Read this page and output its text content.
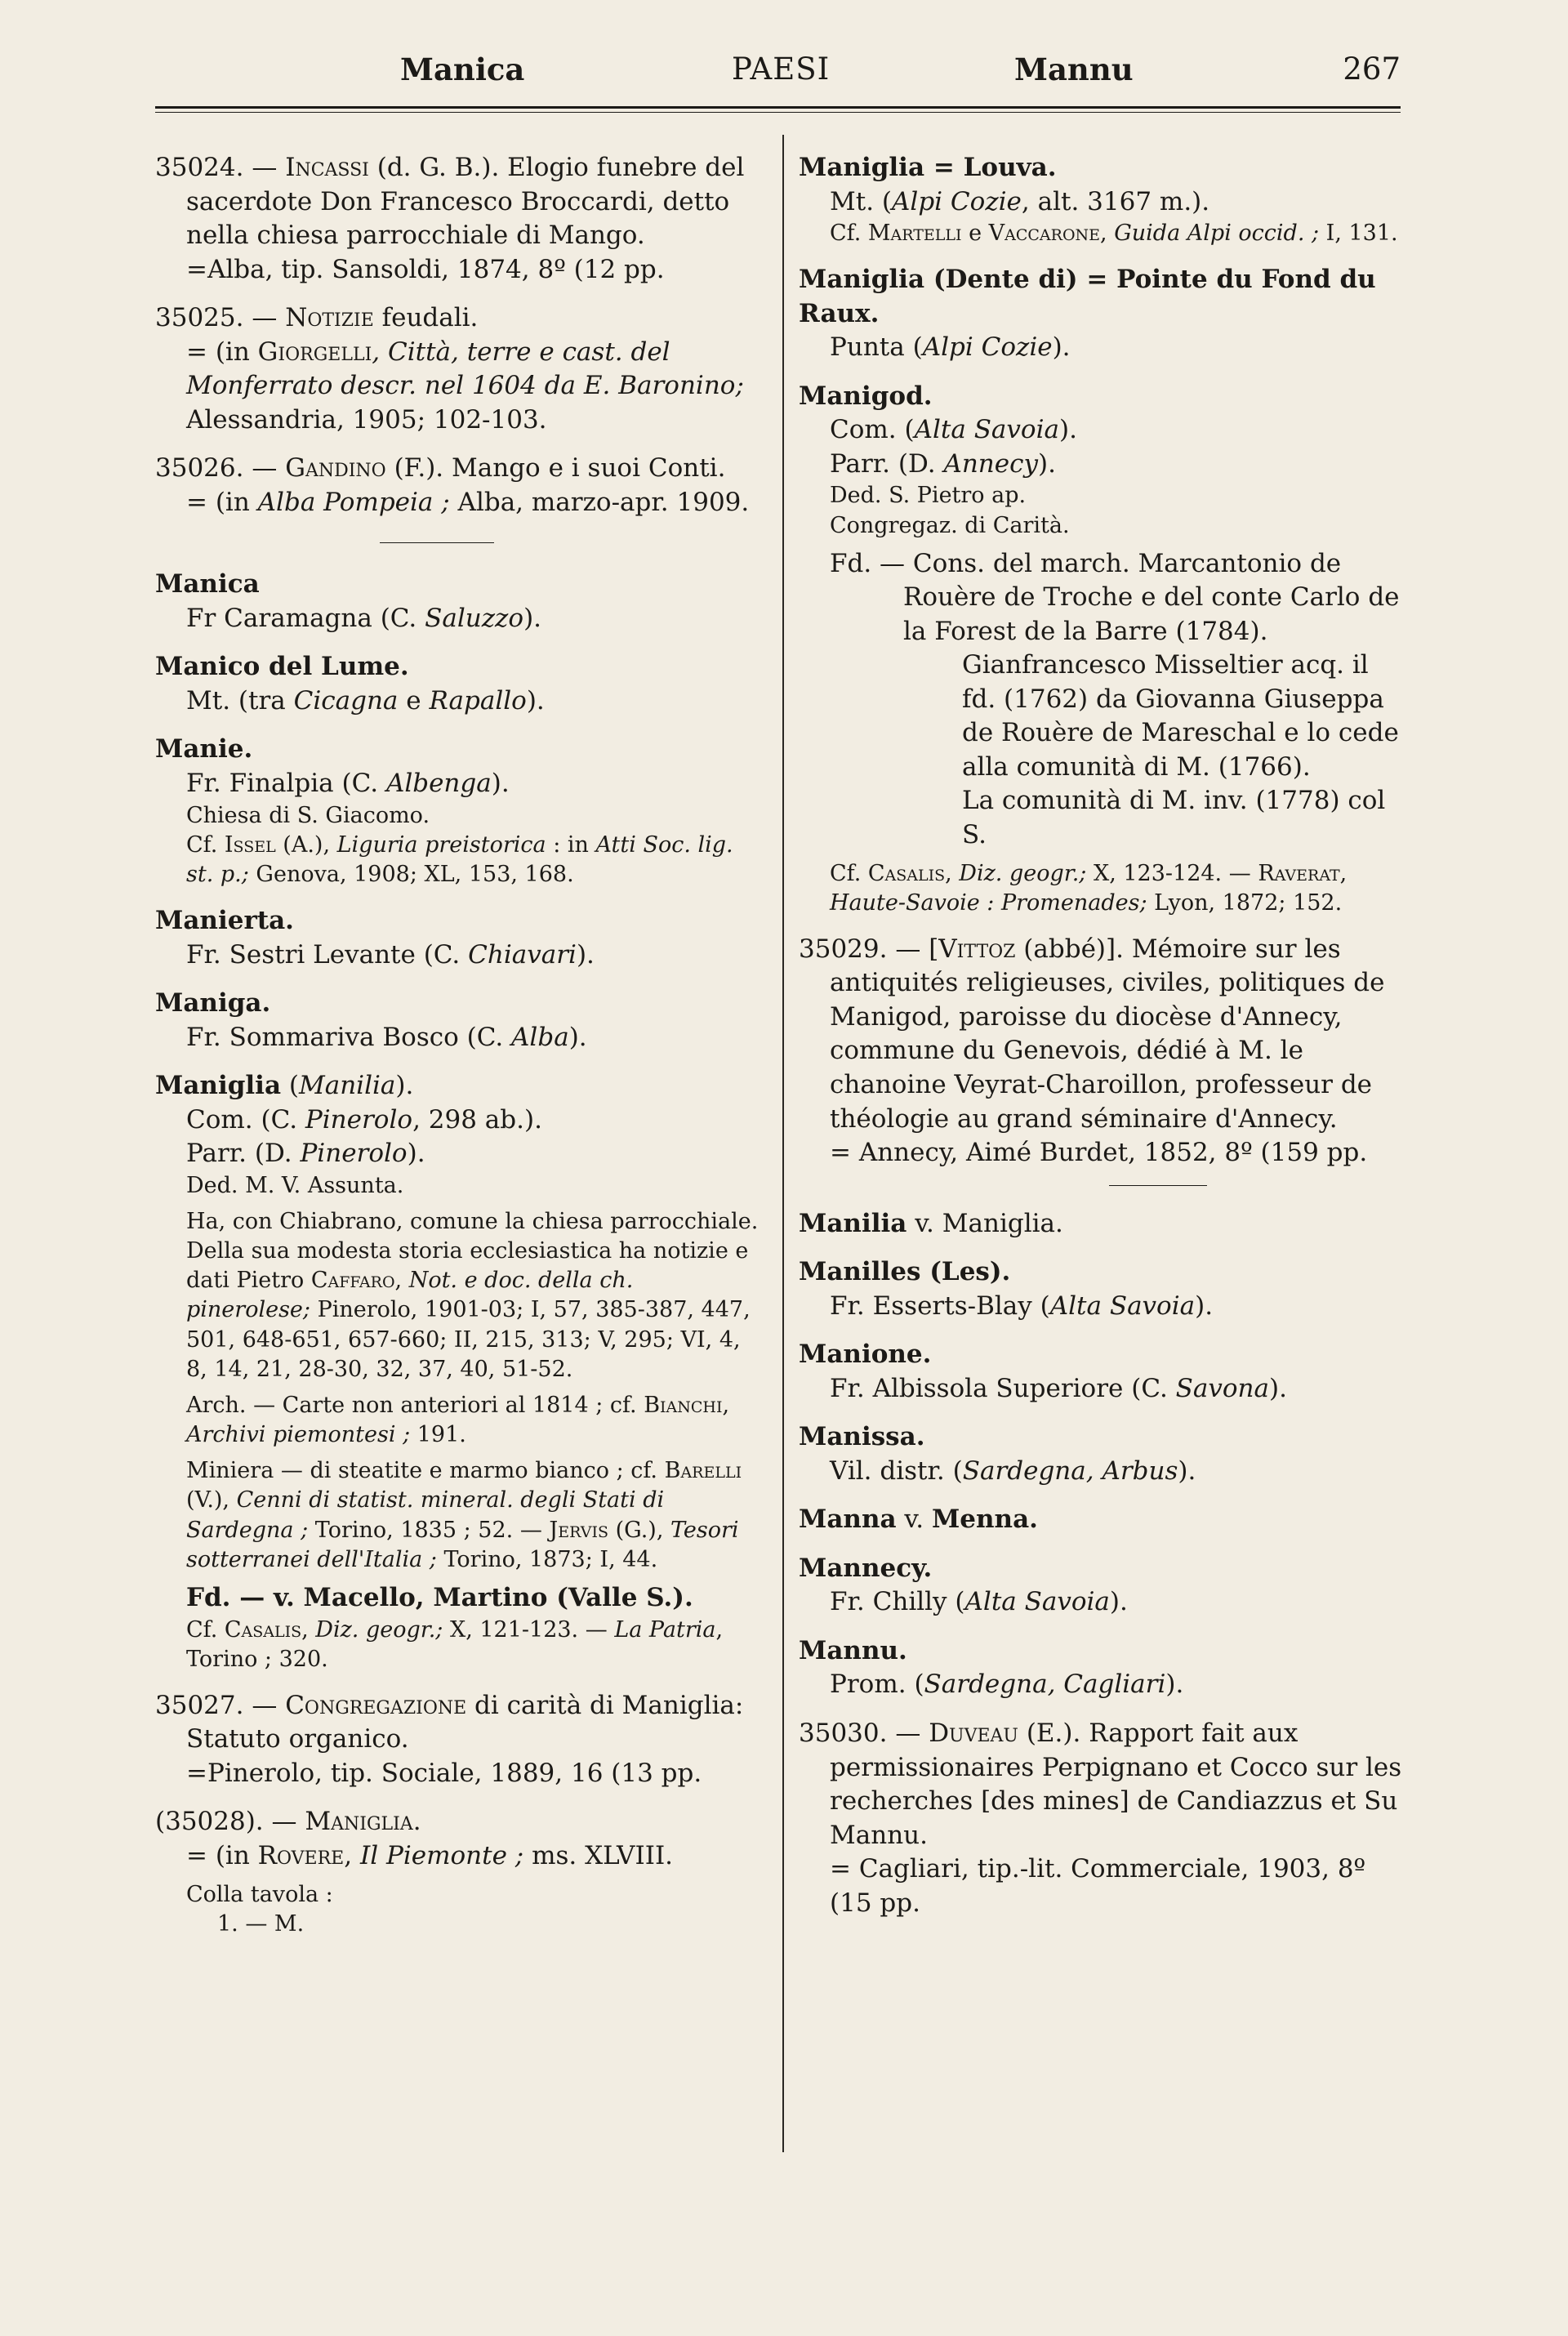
Manica	PAESI	Mannu	267

35024. — Incassi (d. G. B.). Elogio funebre del sacerdote Don Francesco Broccardi, detto nella chiesa parrocchiale di Mango.

=Alba, tip. Sansoldi, 1874, 8º (12 pp.

35025. — Notizie feudali.

= (in Giorgelli, Città, terre e cast. del Monferrato descr. nel 1604 da E. Baronino; Alessandria, 1905; 102-103.

35026. — Gandino (F.). Mango e i suoi Conti.

= (in Alba Pompeia ; Alba, marzo-apr. 1909.

Manica

Fr Caramagna (C. Saluzzo).

Manico del Lume.

Mt. (tra Cicagna e Rapallo).

Manie.

Fr. Finalpia (C. Albenga).

Chiesa di S. Giacomo.

Cf. Issel (A.), Liguria preistorica : in Atti Soc. lig. st. p.; Genova, 1908; XL, 153, 168.

Manierta.

Fr. Sestri Levante (C. Chiavari).

Maniga.

Fr. Sommariva Bosco (C. Alba).

Maniglia (Manilia).

Com. (C. Pinerolo, 298 ab.).

Parr. (D. Pinerolo).

Ded. M. V. Assunta.

Ha, con Chiabrano, comune la chiesa parrocchiale. Della sua modesta storia ecclesiastica ha notizie e dati Pietro Caffaro, Not. e doc. della ch. pinerolese; Pinerolo, 1901-03; I, 57, 385-387, 447, 501, 648-651, 657-660; II, 215, 313; V, 295; VI, 4, 8, 14, 21, 28-30, 32, 37, 40, 51-52.

Arch. — Carte non anteriori al 1814 ; cf. Bianchi, Archivi piemontesi ; 191.

Miniera — di steatite e marmo bianco ; cf. Barelli (V.), Cenni di statist. mineral. degli Stati di Sardegna ; Torino, 1835 ; 52. — Jervis (G.), Tesori sotterranei dell'Italia ; Torino, 1873; I, 44.

Fd. — v. Macello, Martino (Valle S.).

Cf. Casalis, Diz. geogr.; X, 121-123. — La Patria, Torino ; 320.

35027. — Congregazione di carità di Maniglia: Statuto organico.

=Pinerolo, tip. Sociale, 1889, 16 (13 pp.

(35028). — Maniglia.

= (in Rovere, Il Piemonte ; ms. XLVIII.

Colla tavola :

1. — M.

Maniglia = Louva.

Mt. (Alpi Cozie, alt. 3167 m.).

Cf. Martelli e Vaccarone, Guida Alpi occid. ; I, 131.

Maniglia (Dente di) = Pointe du Fond du Raux.

Punta (Alpi Cozie).

Manigod.

Com. (Alta Savoia).

Parr. (D. Annecy).

Ded. S. Pietro ap.

Congregaz. di Carità.

Fd. — Cons. del march. Marcantonio de Rouère de Troche e del conte Carlo de la Forest de la Barre (1784).

Gianfrancesco Misseltier acq. il fd. (1762) da Giovanna Giuseppa de Rouère de Mareschal e lo cede alla comunità di M. (1766).

La comunità di M. inv. (1778) col S.

Cf. Casalis, Diz. geogr.; X, 123-124. — Raverat, Haute-Savoie : Promenades; Lyon, 1872; 152.

35029. — [Vittoz (abbé)]. Mémoire sur les antiquités religieuses, civiles, politiques de Manigod, paroisse du diocèse d'Annecy, commune du Genevois, dédié à M. le chanoine Veyrat-Charoillon, professeur de théologie au grand séminaire d'Annecy.

= Annecy, Aimé Burdet, 1852, 8º (159 pp.

Manilia v. Maniglia.

Manilles (Les).

Fr. Esserts-Blay (Alta Savoia).

Manione.

Fr. Albissola Superiore (C. Savona).

Manissa.

Vil. distr. (Sardegna, Arbus).

Manna v. Menna.

Mannecy.

Fr. Chilly (Alta Savoia).

Mannu.

Prom. (Sardegna, Cagliari).

35030. — Duveau (E.). Rapport fait aux permissionaires Perpignano et Cocco sur les recherches [des mines] de Candiazzus et Su Mannu.

= Cagliari, tip.-lit. Commerciale, 1903, 8º (15 pp.
